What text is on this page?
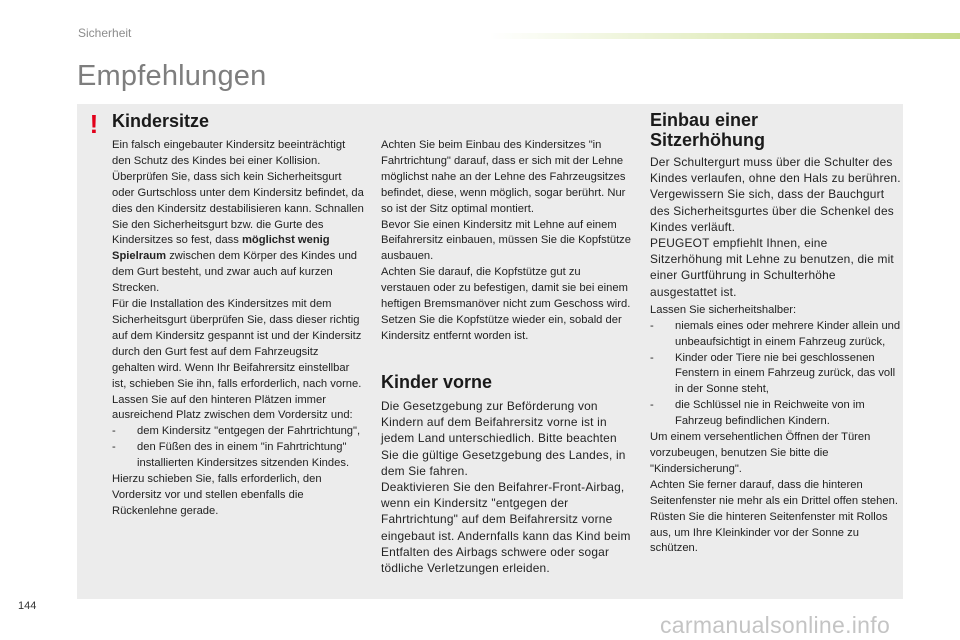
Sicherheit
Empfehlungen
! Kindersitze

Ein falsch eingebauter Kindersitz beeinträchtigt den Schutz des Kindes bei einer Kollision. Überprüfen Sie, dass sich kein Sicherheitsgurt oder Gurtschloss unter dem Kindersitz befindet, da dies den Kindersitz destabilisieren kann. Schnallen Sie den Sicherheitsgurt bzw. die Gurte des Kindersitzes so fest, dass möglichst wenig Spielraum zwischen dem Körper des Kindes und dem Gurt besteht, und zwar auch auf kurzen Strecken.

Für die Installation des Kindersitzes mit dem Sicherheitsgurt überprüfen Sie, dass dieser richtig auf dem Kindersitz gespannt ist und der Kindersitz durch den Gurt fest auf dem Fahrzeugsitz gehalten wird. Wenn Ihr Beifahrersitz einstellbar ist, schieben Sie ihn, falls erforderlich, nach vorne.

Lassen Sie auf den hinteren Plätzen immer ausreichend Platz zwischen dem Vordersitz und:

- dem Kindersitz "entgegen der Fahrtrichtung",

- den Füßen des in einem "in Fahrtrichtung" installierten Kindersitzes sitzenden Kindes.

Hierzu schieben Sie, falls erforderlich, den Vordersitz vor und stellen ebenfalls die Rückenlehne gerade.

Achten Sie beim Einbau des Kindersitzes "in Fahrtrichtung" darauf, dass er sich mit der Lehne möglichst nahe an der Lehne des Fahrzeugsitzes befindet, diese, wenn möglich, sogar berührt. Nur so ist der Sitz optimal montiert.

Bevor Sie einen Kindersitz mit Lehne auf einem Beifahrersitz einbauen, müssen Sie die Kopfstütze ausbauen.

Achten Sie darauf, die Kopfstütze gut zu verstauen oder zu befestigen, damit sie bei einem heftigen Bremsmanöver nicht zum Geschoss wird.

Setzen Sie die Kopfstütze wieder ein, sobald der Kindersitz entfernt worden ist.

Kinder vorne

Die Gesetzgebung zur Beförderung von Kindern auf dem Beifahrersitz vorne ist in jedem Land unterschiedlich. Bitte beachten Sie die gültige Gesetzgebung des Landes, in dem Sie fahren.

Deaktivieren Sie den Beifahrer-Front-Airbag, wenn ein Kindersitz "entgegen der Fahrtrichtung" auf dem Beifahrersitz vorne eingebaut ist. Andernfalls kann das Kind beim Entfalten des Airbags schwere oder sogar tödliche Verletzungen erleiden.

Einbau einer
Sitzerhöhung

Der Schultergurt muss über die Schulter des Kindes verlaufen, ohne den Hals zu berühren.

Vergewissern Sie sich, dass der Bauchgurt des Sicherheitsgurtes über die Schenkel des Kindes verläuft.

PEUGEOT empfiehlt Ihnen, eine Sitzerhöhung mit Lehne zu benutzen, die mit einer Gurtführung in Schulterhöhe ausgestattet ist.

Lassen Sie sicherheitshalber:

- niemals eines oder mehrere Kinder allein und unbeaufsichtigt in einem Fahrzeug zurück,

- Kinder oder Tiere nie bei geschlossenen Fenstern in einem Fahrzeug zurück, das voll in der Sonne steht,

- die Schlüssel nie in Reichweite von im Fahrzeug befindlichen Kindern.

Um einem versehentlichen Öffnen der Türen vorzubeugen, benutzen Sie bitte die "Kindersicherung".

Achten Sie ferner darauf, dass die hinteren Seitenfenster nie mehr als ein Drittel offen stehen. Rüsten Sie die hinteren Seitenfenster mit Rollos aus, um Ihre Kleinkinder vor der Sonne zu schützen.

144
carmanualsonline.info
